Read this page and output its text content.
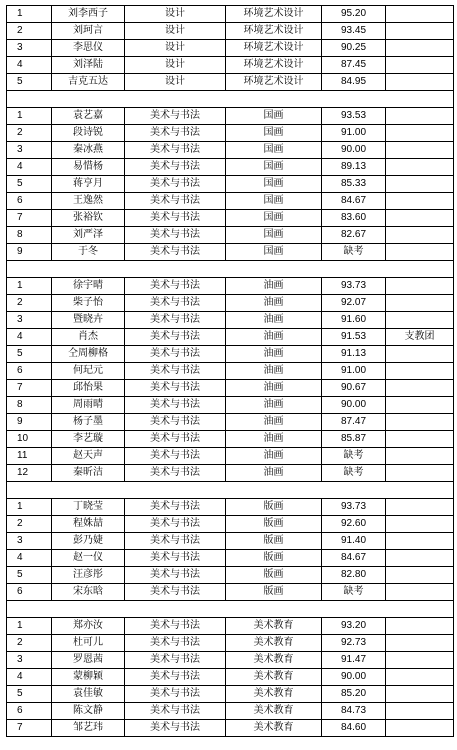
1	刘李西子	设计	环境艺术设计	95.20	
2	刘珂言	设计	环境艺术设计	93.45	
3	李思仪	设计	环境艺术设计	90.25	
4	刘泽陆	设计	环境艺术设计	87.45	
5	吉克五达	设计	环境艺术设计	84.95	

1	袁艺嘉	美术与书法	国画	93.53	
2	段诗锐	美术与书法	国画	91.00	
3	秦冰燕	美术与书法	国画	90.00	
4	易惜杨	美术与书法	国画	89.13	
5	蒋亨月	美术与书法	国画	85.33	
6	王逸然	美术与书法	国画	84.67	
7	张裕钦	美术与书法	国画	83.60	
8	刘严泽	美术与书法	国画	82.67	
9	于冬	美术与书法	国画	缺考	

1	徐宇晴	美术与书法	油画	93.73	
2	柴子怡	美术与书法	油画	92.07	
3	暨晓卉	美术与书法	油画	91.60	
4	肖杰	美术与书法	油画	91.53	支教团
5	仝周柳格	美术与书法	油画	91.13	
6	何玘元	美术与书法	油画	91.00	
7	邱怡果	美术与书法	油画	90.67	
8	周雨晴	美术与书法	油画	90.00	
9	杨子墨	美术与书法	油画	87.47	
10	李艺璇	美术与书法	油画	85.87	
11	赵天声	美术与书法	油画	缺考	
12	秦昕洁	美术与书法	油画	缺考	

1	丁晓莹	美术与书法	版画	93.73	
2	程姝喆	美术与书法	版画	92.60	
3	彭乃婕	美术与书法	版画	91.40	
4	赵一仪	美术与书法	版画	84.67	
5	汪彦彤	美术与书法	版画	82.80	
6	宋东晗	美术与书法	版画	缺考	

1	郑亦汝	美术与书法	美术教育	93.20	
2	杜可儿	美术与书法	美术教育	92.73	
3	罗恩茜	美术与书法	美术教育	91.47	
4	蒙柳颖	美术与书法	美术教育	90.00	
5	袁佳敏	美术与书法	美术教育	85.20	
6	陈文静	美术与书法	美术教育	84.73	
7	邹艺玮	美术与书法	美术教育	84.60	
